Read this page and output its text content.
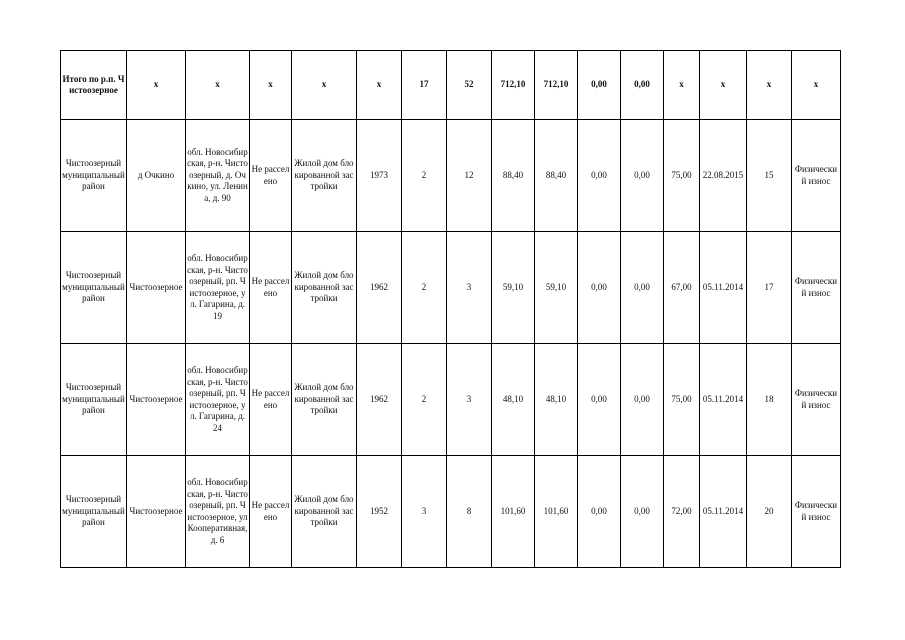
Итого по р.п. Чистоозерное	x	x	x	x	x	17	52	712,10	712,10	0,00	0,00	x	x	x	x
Чистоозерный муниципальный район	д Очкино	обл. Новосибирская, р-н. Чистоозерный, д. Очкино, ул. Ленина, д. 90	Не расселено	Жилой дом блокированной застройки	1973	2	12	88,40	88,40	0,00	0,00	75,00	22.08.2015	15	Физический износ
Чистоозерный муниципальный район	Чистоозерное	обл. Новосибирская, р-н. Чистоозерный, рп. Чистоозерное, ул. Гагарина, д. 19	Не расселено	Жилой дом блокированной застройки	1962	2	3	59,10	59,10	0,00	0,00	67,00	05.11.2014	17	Физический износ
Чистоозерный муниципальный район	Чистоозерное	обл. Новосибирская, р-н. Чистоозерный, рп. Чистоозерное, ул. Гагарина, д. 24	Не расселено	Жилой дом блокированной застройки	1962	2	3	48,10	48,10	0,00	0,00	75,00	05.11.2014	18	Физический износ
Чистоозерный муниципальный район	Чистоозерное	обл. Новосибирская, р-н. Чистоозерный, рп. Чистоозерное, ул Кооперативная, д. 6	Не расселено	Жилой дом блокированной застройки	1952	3	8	101,60	101,60	0,00	0,00	72,00	05.11.2014	20	Физический износ
